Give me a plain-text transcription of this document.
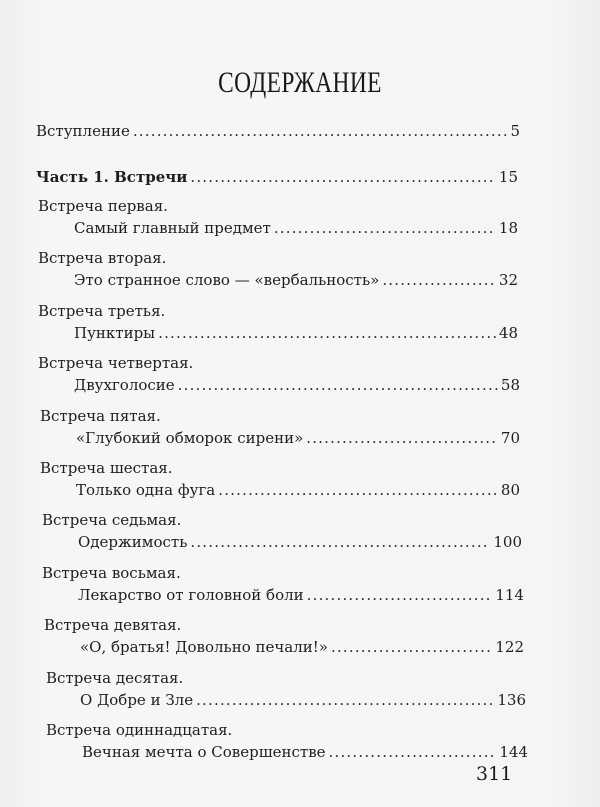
СОДЕРЖАНИЕ
Вступление .....	5
Часть 1. Встречи .....	15
Встреча первая.
Самый главный предмет .....	18
Встреча вторая.
Это странное слово — «вербальность» .....	32
Встреча третья.
Пунктиры .....	48
Встреча четвертая.
Двухголосие .....	58
Встреча пятая.
«Глубокий обморок сирени» .....	70
Встреча шестая.
Только одна фуга .....	80
Встреча седьмая.
Одержимость .....	100
Встреча восьмая.
Лекарство от головной боли .....	114
Встреча девятая.
«О, братья! Довольно печали!» .....	122
Встреча десятая.
О Добре и Зле .....	136
Встреча одиннадцатая.
Вечная мечта о Совершенстве .....	144
311
